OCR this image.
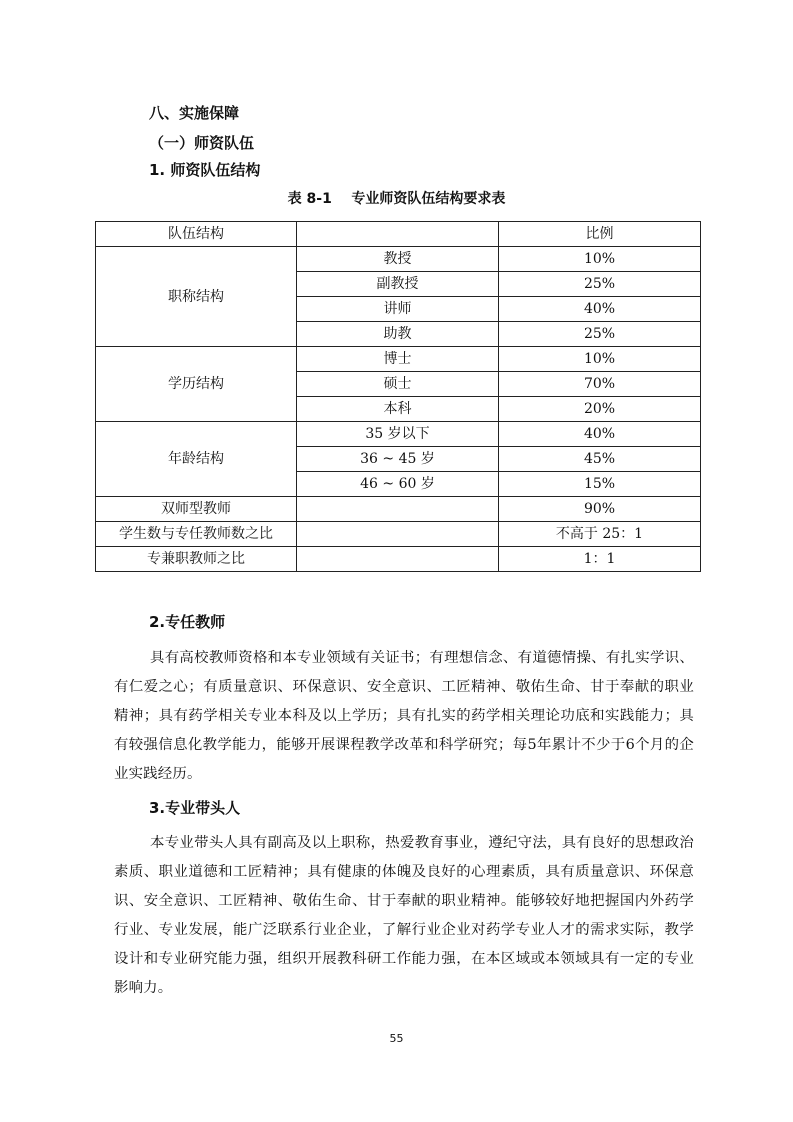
八、实施保障
（一）师资队伍
1. 师资队伍结构
表 8-1    专业师资队伍结构要求表
队伍结构		比例
职称结构	教授	10%
	副教授	25%
	讲师	40%
	助教	25%
学历结构	博士	10%
	硕士	70%
	本科	20%
年龄结构	35 岁以下	40%
	36 ~ 45 岁	45%
	46 ~ 60 岁	15%
双师型教师		90%
学生数与专任教师数之比		不高于 25：1
专兼职教师之比		1：1
2.专任教师

具有高校教师资格和本专业领域有关证书；有理想信念、有道德情操、有扎实学识、有仁爱之心；有质量意识、环保意识、安全意识、工匠精神、敬佑生命、甘于奉献的职业精神；具有药学相关专业本科及以上学历；具有扎实的药学相关理论功底和实践能力；具有较强信息化教学能力，能够开展课程教学改革和科学研究；每5年累计不少于6个月的企业实践经历。

3.专业带头人

本专业带头人具有副高及以上职称，热爱教育事业，遵纪守法，具有良好的思想政治素质、职业道德和工匠精神；具有健康的体魄及良好的心理素质，具有质量意识、环保意识、安全意识、工匠精神、敬佑生命、甘于奉献的职业精神。能够较好地把握国内外药学行业、专业发展，能广泛联系行业企业，了解行业企业对药学专业人才的需求实际，教学设计和专业研究能力强，组织开展教科研工作能力强，在本区域或本领域具有一定的专业影响力。

55
